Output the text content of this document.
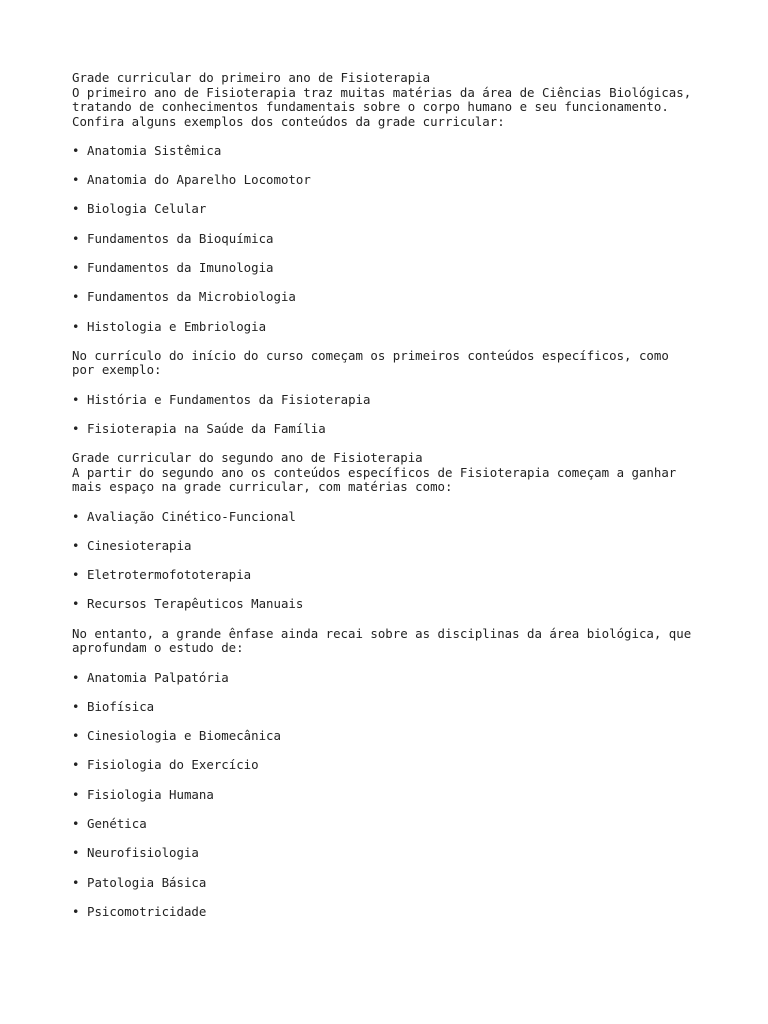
Grade curricular do primeiro ano de Fisioterapia
O primeiro ano de Fisioterapia traz muitas matérias da área de Ciências Biológicas,
tratando de conhecimentos fundamentais sobre o corpo humano e seu funcionamento.
Confira alguns exemplos dos conteúdos da grade curricular:
• Anatomia Sistêmica
• Anatomia do Aparelho Locomotor
• Biologia Celular
• Fundamentos da Bioquímica
• Fundamentos da Imunologia
• Fundamentos da Microbiologia
• Histologia e Embriologia
No currículo do início do curso começam os primeiros conteúdos específicos, como
por exemplo:
• História e Fundamentos da Fisioterapia
• Fisioterapia na Saúde da Família
Grade curricular do segundo ano de Fisioterapia
A partir do segundo ano os conteúdos específicos de Fisioterapia começam a ganhar
mais espaço na grade curricular, com matérias como:
• Avaliação Cinético-Funcional
• Cinesioterapia
• Eletrotermofototerapia
• Recursos Terapêuticos Manuais
No entanto, a grande ênfase ainda recai sobre as disciplinas da área biológica, que
aprofundam o estudo de:
• Anatomia Palpatória
• Biofísica
• Cinesiologia e Biomecânica
• Fisiologia do Exercício
• Fisiologia Humana
• Genética
• Neurofisiologia
• Patologia Básica
• Psicomotricidade
